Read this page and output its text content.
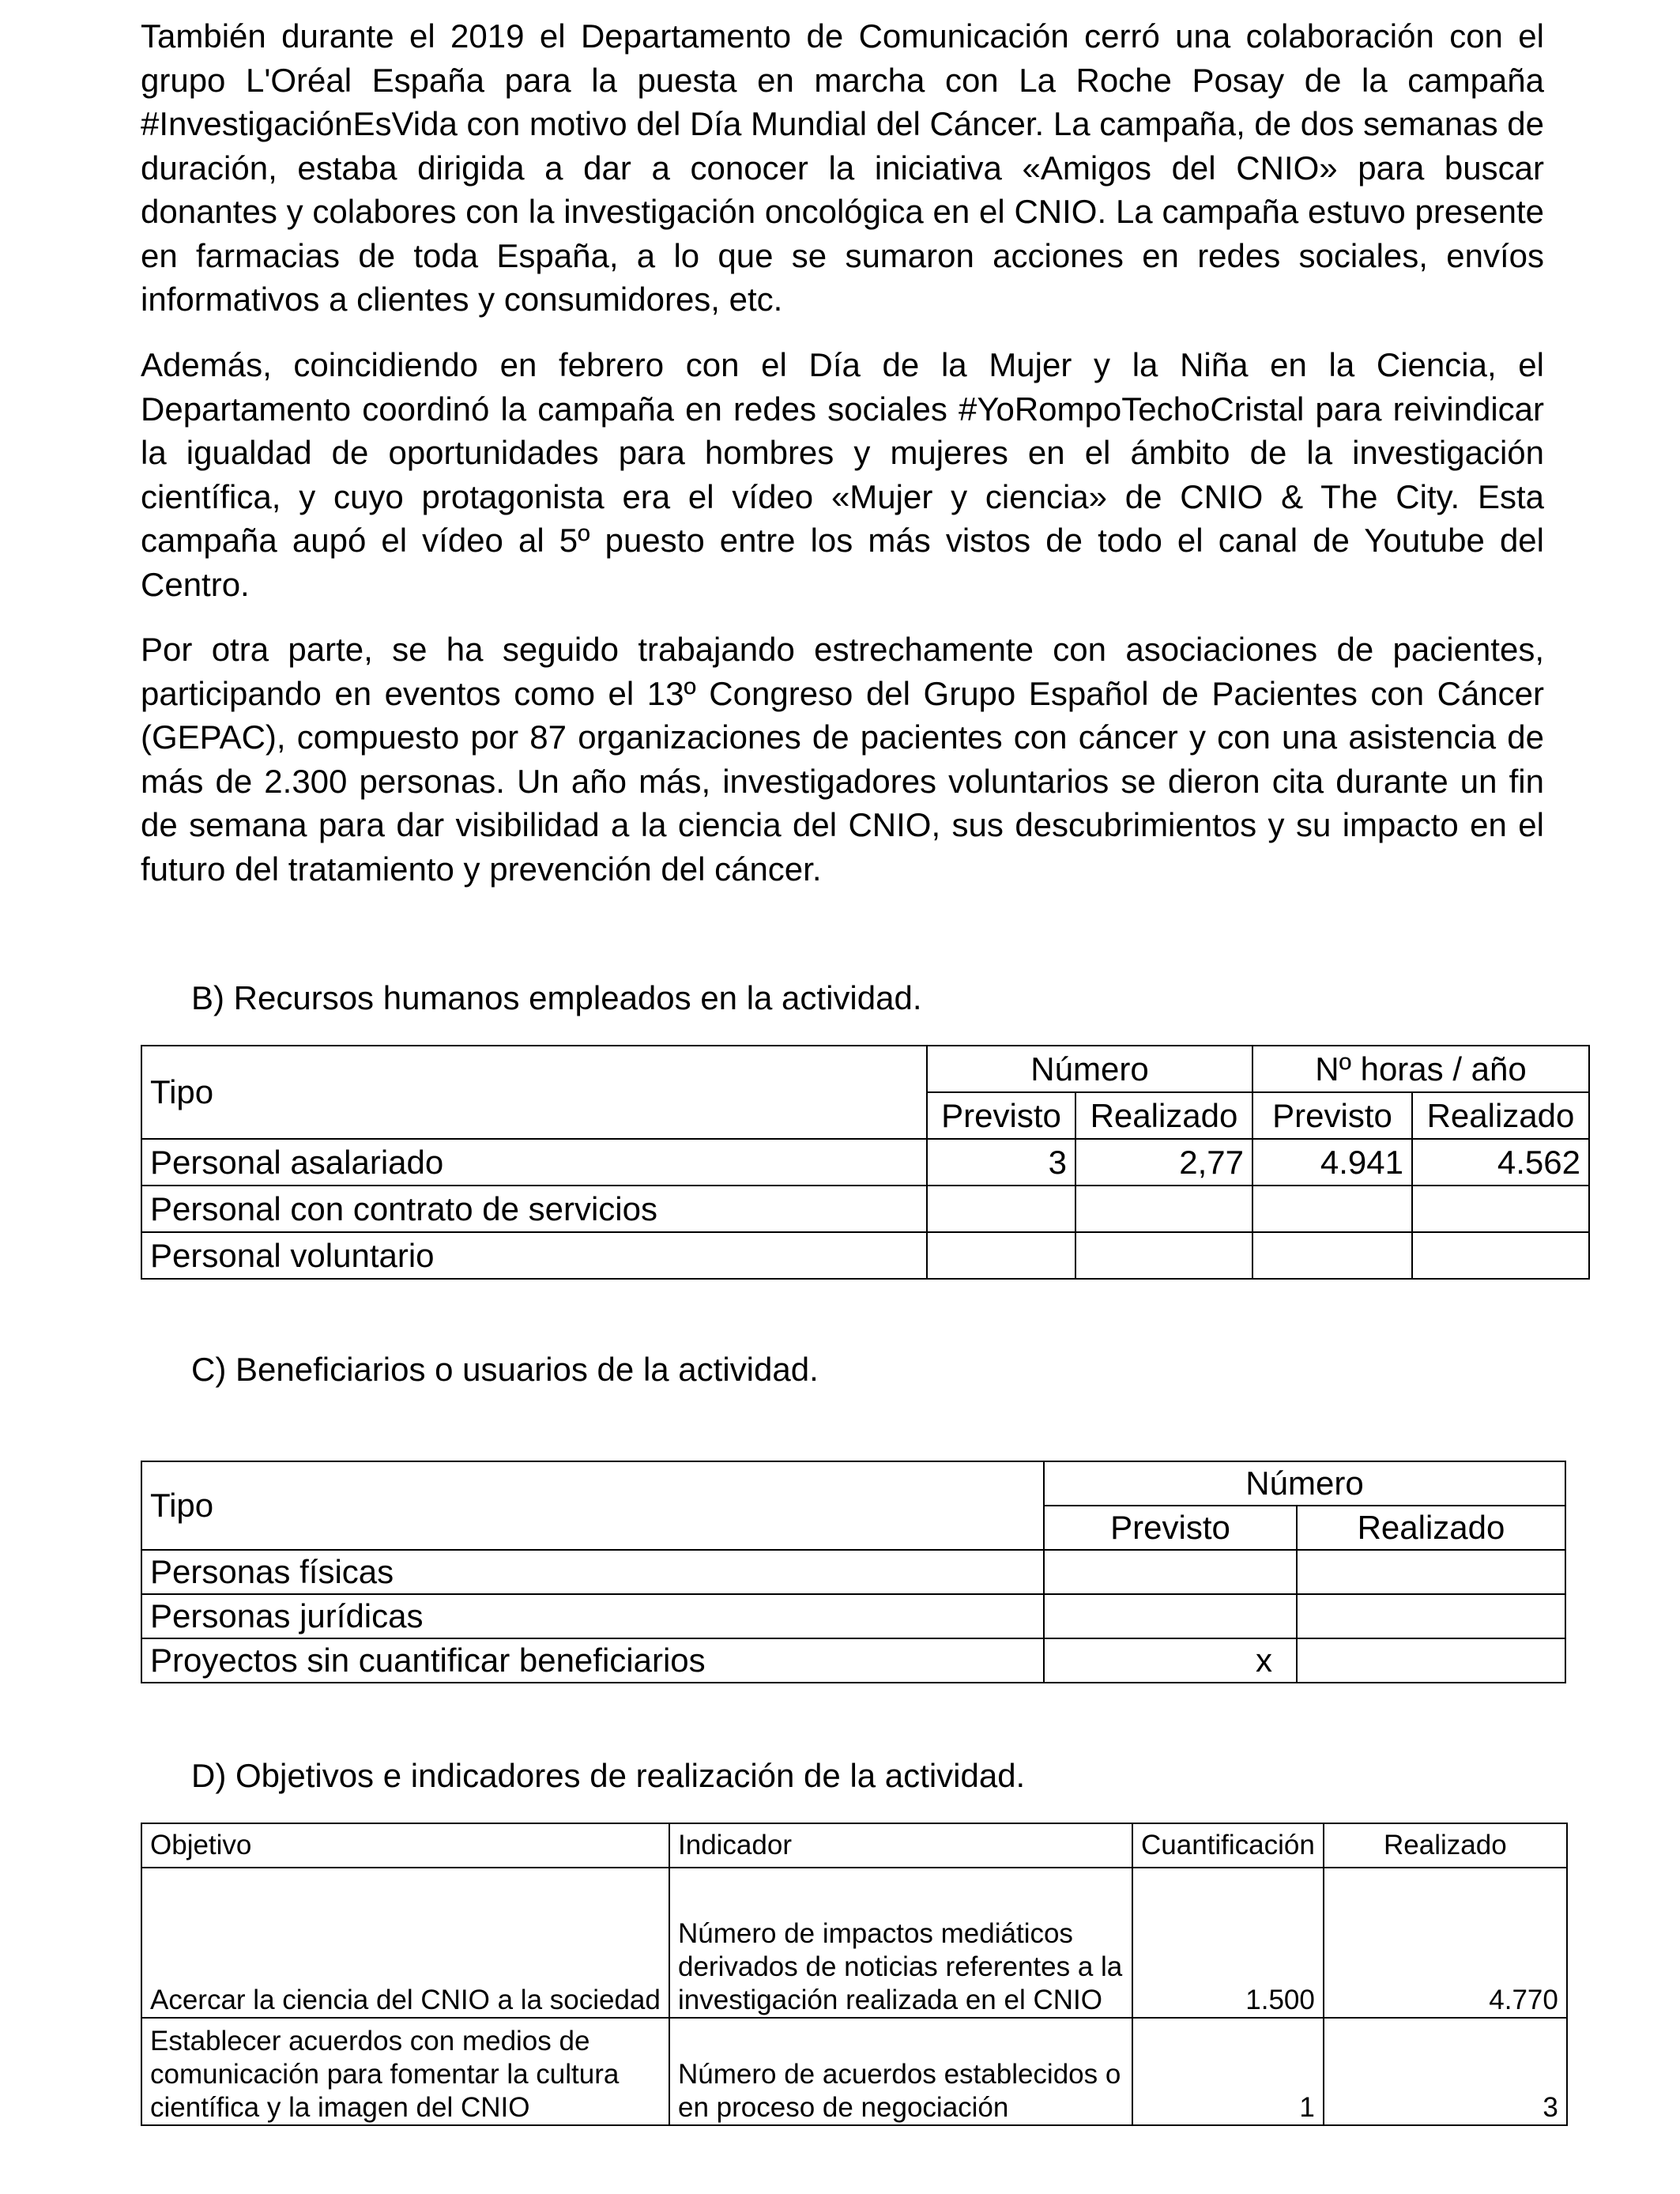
También durante el 2019 el Departamento de Comunicación cerró una colaboración con el grupo L'Oréal España para la puesta en marcha con La Roche Posay de la campaña #InvestigaciónEsVida con motivo del Día Mundial del Cáncer. La campaña, de dos semanas de duración, estaba dirigida a dar a conocer la iniciativa «Amigos del CNIO» para buscar donantes y colabores con la investigación oncológica en el CNIO. La campaña estuvo presente en farmacias de toda España, a lo que se sumaron acciones en redes sociales, envíos informativos a clientes y consumidores, etc.

Además, coincidiendo en febrero con el Día de la Mujer y la Niña en la Ciencia, el Departamento coordinó la campaña en redes sociales #YoRompoTechoCristal para reivindicar la igualdad de oportunidades para hombres y mujeres en el ámbito de la investigación científica, y cuyo protagonista era el vídeo «Mujer y ciencia» de CNIO & The City. Esta campaña aupó el vídeo al 5º puesto entre los más vistos de todo el canal de Youtube del Centro.

Por otra parte, se ha seguido trabajando estrechamente con asociaciones de pacientes, participando en eventos como el 13º Congreso del Grupo Español de Pacientes con Cáncer (GEPAC), compuesto por 87 organizaciones de pacientes con cáncer y con una asistencia de más de 2.300 personas. Un año más, investigadores voluntarios se dieron cita durante un fin de semana para dar visibilidad a la ciencia del CNIO, sus descubrimientos y su impacto en el futuro del tratamiento y prevención del cáncer.

B) Recursos humanos empleados en la actividad.

Tipo	Número		Nº horas / año	
	Previsto	Realizado	Previsto	Realizado
Personal asalariado	3	2,77	4.941	4.562
Personal con contrato de servicios				
Personal voluntario				

C) Beneficiarios o usuarios de la actividad.

Tipo	Número	
	Previsto	Realizado
Personas físicas		
Personas jurídicas		
Proyectos sin cuantificar beneficiarios	x	

D) Objetivos e indicadores de realización de la actividad.

Objetivo	Indicador	Cuantificación	Realizado
Acercar la ciencia del CNIO a la sociedad	Número de impactos mediáticos derivados de noticias referentes a la investigación realizada en el CNIO	1.500	4.770
Establecer acuerdos con medios de comunicación para fomentar la cultura científica y la imagen del CNIO	Número de acuerdos establecidos o en proceso de negociación	1	3
